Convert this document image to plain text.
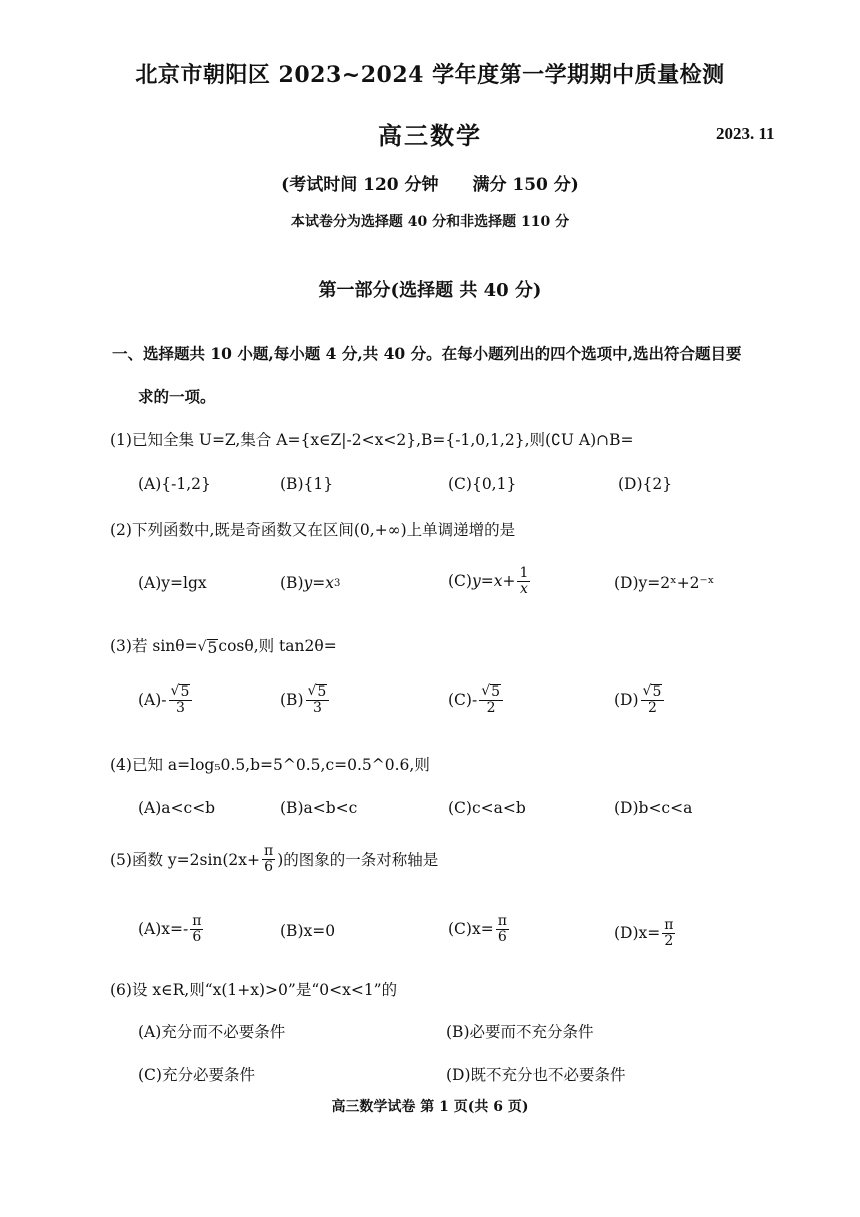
北京市朝阳区 2023~2024 学年度第一学期期中质量检测
高三数学	2023. 11
(考试时间 120 分钟 满分 150 分)
本试卷分为选择题 40 分和非选择题 110 分
第一部分(选择题 共 40 分)
一、选择题共 10 小题,每小题 4 分,共 40 分。在每小题列出的四个选项中,选出符合题目要
求的一项。
(1)已知全集 U=Z,集合 A={x∈Z|-2<x<2},B={-1,0,1,2},则(∁U A)∩B=
(A){-1,2}	(B){1}	(C){0,1}	(D){2}
(2)下列函数中,既是奇函数又在区间(0,+∞)上单调递增的是
(A)y=lgx	(B) y = x 3	(C) $y = x + \frac{1}{x}$	(D)y=2ˣ+2⁻ˣ
(3)若 sinθ= √ 5 cosθ,则 tan2θ=
$(A)- \frac{√ 5}{3}$	$(B) \frac{√ 5}{3}$	$(C)- \frac{√ 5}{2}$	$(D) \frac{√ 5}{2}$
(4)已知 a=log₅0.5,b=5^0.5,c=0.5^0.6,则
(A)a<c<b	(B)a<b<c	(C)c<a<b	(D)b<c<a
(5)函数 $y=2\sin(2x+ \frac{\pi}{6}$ )的图象的一条对称轴是
$(A)x=- \frac{\pi}{6}$	(B)x=0	$(C)x= \frac{\pi}{6}$	$(D)x= \frac{\pi}{2}$
(6)设 x∈R,则“x(1+x)>0”是“0<x<1”的
(A)充分而不必要条件	(B)必要而不充分条件
(C)充分必要条件	(D)既不充分也不必要条件
高三数学试卷 第 1 页(共 6 页)
